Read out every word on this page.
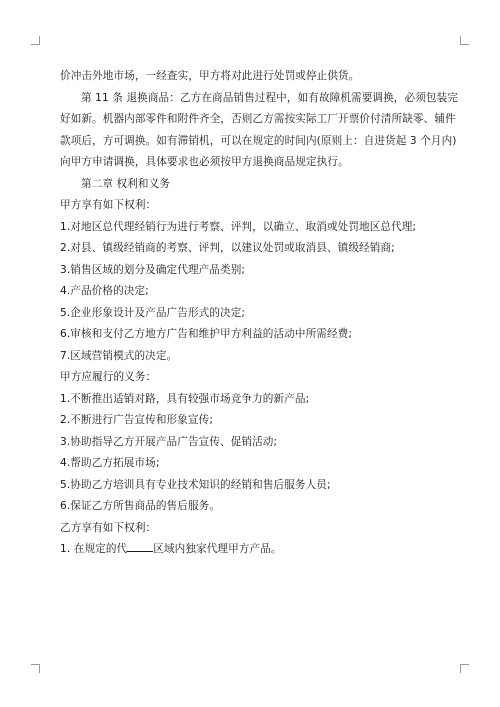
价冲击外地市场，一经查实，甲方将对此进行处罚或停止供货。
第 11 条 退换商品：乙方在商品销售过程中，如有故障机需要调换，必须包装完
好如新。机器内部零件和附件齐全，否则乙方需按实际工厂开票价付清所缺零、辅件
款项后，方可调换。如有滞销机，可以在规定的时间内(原则上：自进货起 3 个月内)
向甲方申请调换，具体要求也必须按甲方退换商品规定执行。
第二章 权利和义务
甲方享有如下权利：
1.对地区总代理经销行为进行考察、评判，以确立、取消或处罚地区总代理;
2.对县、镇级经销商的考察、评判，以建议处罚或取消县、镇级经销商;
3.销售区域的划分及确定代理产品类别;
4.产品价格的决定;
5.企业形象设计及产品广告形式的决定;
6.审核和支付乙方地方广告和维护甲方利益的活动中所需经费;
7.区域营销模式的决定。
甲方应履行的义务：
1.不断推出适销对路，具有较强市场竞争力的新产品;
2.不断进行广告宣传和形象宣传;
3.协助指导乙方开展产品广告宣传、促销活动;
4.帮助乙方拓展市场;
5.协助乙方培训具有专业技术知识的经销和售后服务人员;
6.保证乙方所售商品的售后服务。
乙方享有如下权利：
1. 在规定的代 区域内独家代理甲方产品。
